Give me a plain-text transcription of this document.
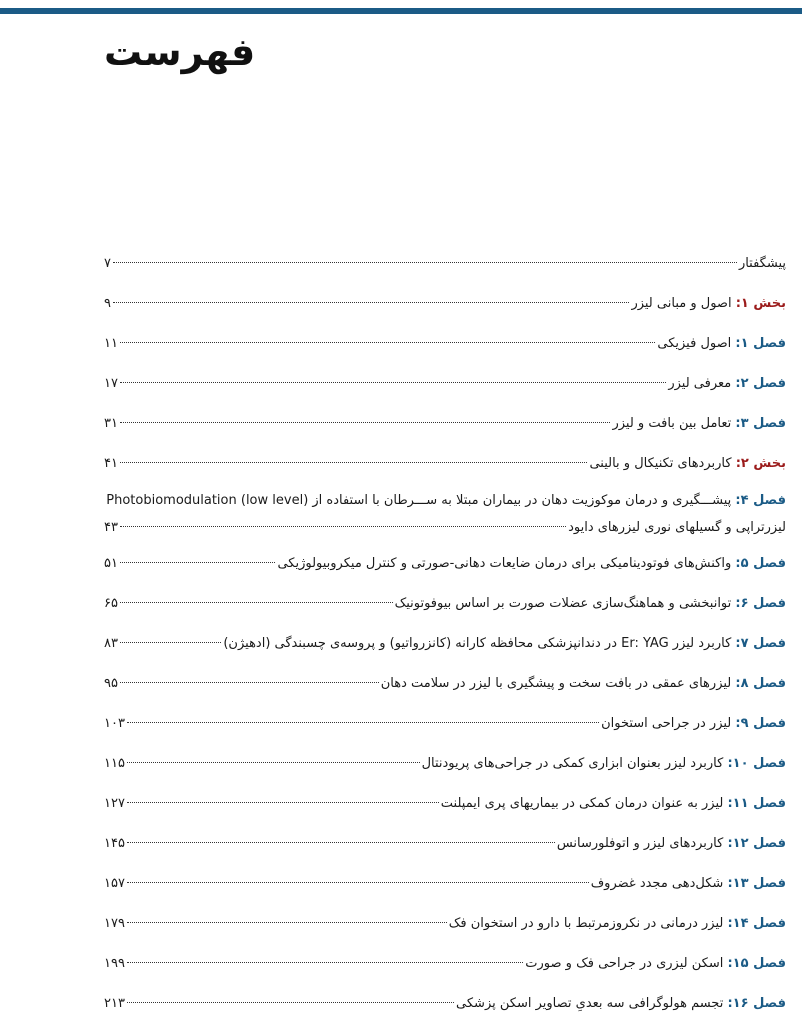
فهرست
پیشگفتار
۷
بخش ۱: اصول و مبانی لیزر
۹
فصل ۱: اصول فیزیکی
۱۱
فصل ۲: معرفی لیزر
۱۷
فصل ۳: تعامل بین بافت و لیزر
۳۱
بخش ۲: کاربردهای تکنیکال و بالینی
۴۱
فصل ۴: پیشـــگیری و درمان موکوزیت دهان در بیماران مبتلا به ســـرطان با استفاده از (Photobiomodulation (low level
لیزرتراپی و گسیلهای نوری لیزرهای دایود
۴۳
فصل ۵: واکنش‌های فوتودینامیکی برای درمان ضایعات دهانی-صورتی و کنترل میکروبیولوژیکی
۵۱
فصل ۶: توانبخشی و هماهنگ‌سازی عضلات صورت بر اساس بیوفوتونیک
۶۵
فصل ۷: کاربرد لیزر Er: YAG در دندانپزشکی محافظه کارانه (کانزرواتیو) و پروسه‌ی چسبندگی (ادهیژن)
۸۳
فصل ۸: لیزرهای عمقی در بافت سخت و پیشگیری با لیزر در سلامت دهان
۹۵
فصل ۹: لیزر در جراحی استخوان
۱۰۳
فصل ۱۰: کاربرد لیزر بعنوان ابزاری کمکی در جراحی‌های پریودنتال
۱۱۵
فصل ۱۱: لیزر به عنوان درمان کمکی در بیماریهای پری ایمپلنت
۱۲۷
فصل ۱۲: کاربردهای لیزر و اتوفلورسانس
۱۴۵
فصل ۱۳: شکل‌دهی مجدد غضروف
۱۵۷
فصل ۱۴: لیزر درمانی در نکروزمرتبط با دارو در استخوان فک
۱۷۹
فصل ۱۵: اسکن لیزری در جراحی فک و صورت
۱۹۹
فصل ۱۶: تجسم هولوگرافی سه بعدیِ تصاویر اسکن پزشکی
۲۱۳
